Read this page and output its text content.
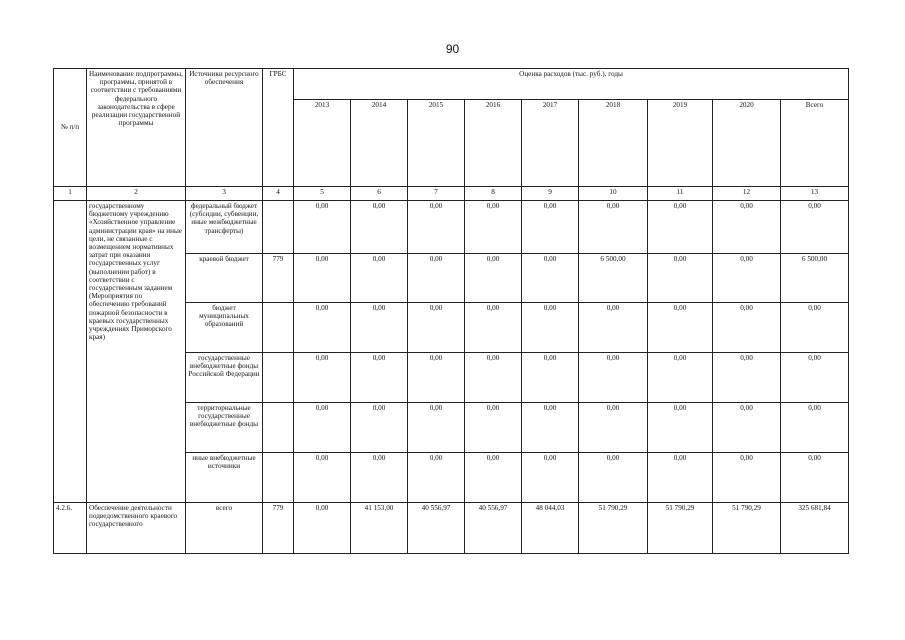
90
№ п/п	Наименование подпрограммы, программы, принятой в соответствии с требованиями федерального законодательства в сфере реализации государственной программы	Источники ресурсного обеспечения	ГРБС	Оценка расходов (тыс. руб.), годы								
				2013	2014	2015	2016	2017	2018	2019	2020	Всего
1	2	3	4	5	6	7	8	9	10	11	12	13
	государственному бюджетному учреждению «Хозяйственное управление администрации края» на иные цели, не связанные с возмещением нормативных затрат при оказании государственных услуг (выполнении работ) в соответствии с государственным заданием (Мероприятия по обеспечению требований пожарной безопасности в краевых государственных учреждениях Приморского края)	федеральный бюджет (субсидии, субвенции, иные межбюджетные трансферты)		0,00	0,00	0,00	0,00	0,00	0,00	0,00	0,00	0,00
		краевой бюджет	779	0,00	0,00	0,00	0,00	0,00	6 500,00	0,00	0,00	6 500,00
		бюджет муниципальных образований		0,00	0,00	0,00	0,00	0,00	0,00	0,00	0,00	0,00
		государственные внебюджетные фонды Российской Федерации		0,00	0,00	0,00	0,00	0,00	0,00	0,00	0,00	0,00
		территориальные государственные внебюджетные фонды		0,00	0,00	0,00	0,00	0,00	0,00	0,00	0,00	0,00
		иные внебюджетные источники		0,00	0,00	0,00	0,00	0,00	0,00	0,00	0,00	0,00
4.2.6.	Обеспечение деятельности подведомственного краевого государственного	всего	779	0,00	41 153,00	40 556,97	40 556,97	48 044,03	51 790,29	51 790,29	51 790,29	325 681,84
